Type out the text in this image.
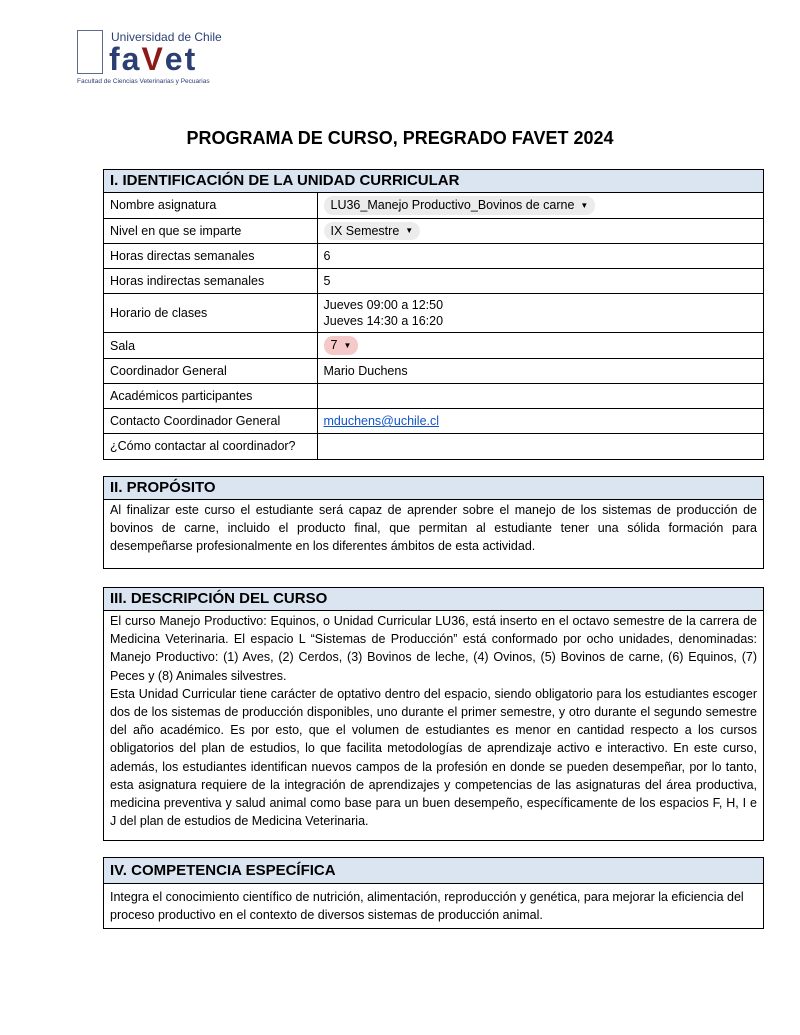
Universidad de Chile
faVet
Facultad de Ciencias Veterinarias y Pecuarias
PROGRAMA DE CURSO, PREGRADO FAVET 2024
I. IDENTIFICACIÓN DE LA UNIDAD CURRICULAR
Nombre asignatura	LU36_Manejo Productivo_Bovinos de carne ▼
Nivel en que se imparte	IX Semestre ▼
Horas directas semanales	6
Horas indirectas semanales	5
Horario de clases	Jueves 09:00 a 12:50
Jueves 14:30 a 16:20

Sala	7 ▼
Coordinador General	Mario Duchens
Académicos participantes	
Contacto Coordinador General	mduchens@uchile.cl
¿Cómo contactar al coordinador?	
II. PROPÓSITO
Al finalizar este curso el estudiante será capaz de aprender sobre el manejo de los sistemas de producción de bovinos de carne, incluido el producto final, que permitan al estudiante tener una sólida formación para desempeñarse profesionalmente en los diferentes ámbitos de esta actividad.
III. DESCRIPCIÓN DEL CURSO
El curso Manejo Productivo: Equinos, o Unidad Curricular LU36, está inserto en el octavo semestre de la carrera de Medicina Veterinaria. El espacio L “Sistemas de Producción” está conformado por ocho unidades, denominadas: Manejo Productivo: (1) Aves, (2) Cerdos, (3) Bovinos de leche, (4) Ovinos, (5) Bovinos de carne, (6) Equinos, (7) Peces y (8) Animales silvestres.
Esta Unidad Curricular tiene carácter de optativo dentro del espacio, siendo obligatorio para los estudiantes escoger dos de los sistemas de producción disponibles, uno durante el primer semestre, y otro durante el segundo semestre del año académico. Es por esto, que el volumen de estudiantes es menor en cantidad respecto a los cursos obligatorios del plan de estudios, lo que facilita metodologías de aprendizaje activo e interactivo. En este curso, además, los estudiantes identifican nuevos campos de la profesión en donde se pueden desempeñar, por lo tanto, esta asignatura requiere de la integración de aprendizajes y competencias de las asignaturas del área productiva, medicina preventiva y salud animal como base para un buen desempeño, específicamente de los espacios F, H, I e J del plan de estudios de Medicina Veterinaria.
IV. COMPETENCIA ESPECÍFICA
Integra el conocimiento científico de nutrición, alimentación, reproducción y genética, para mejorar la eficiencia del proceso productivo en el contexto de diversos sistemas de producción animal.
